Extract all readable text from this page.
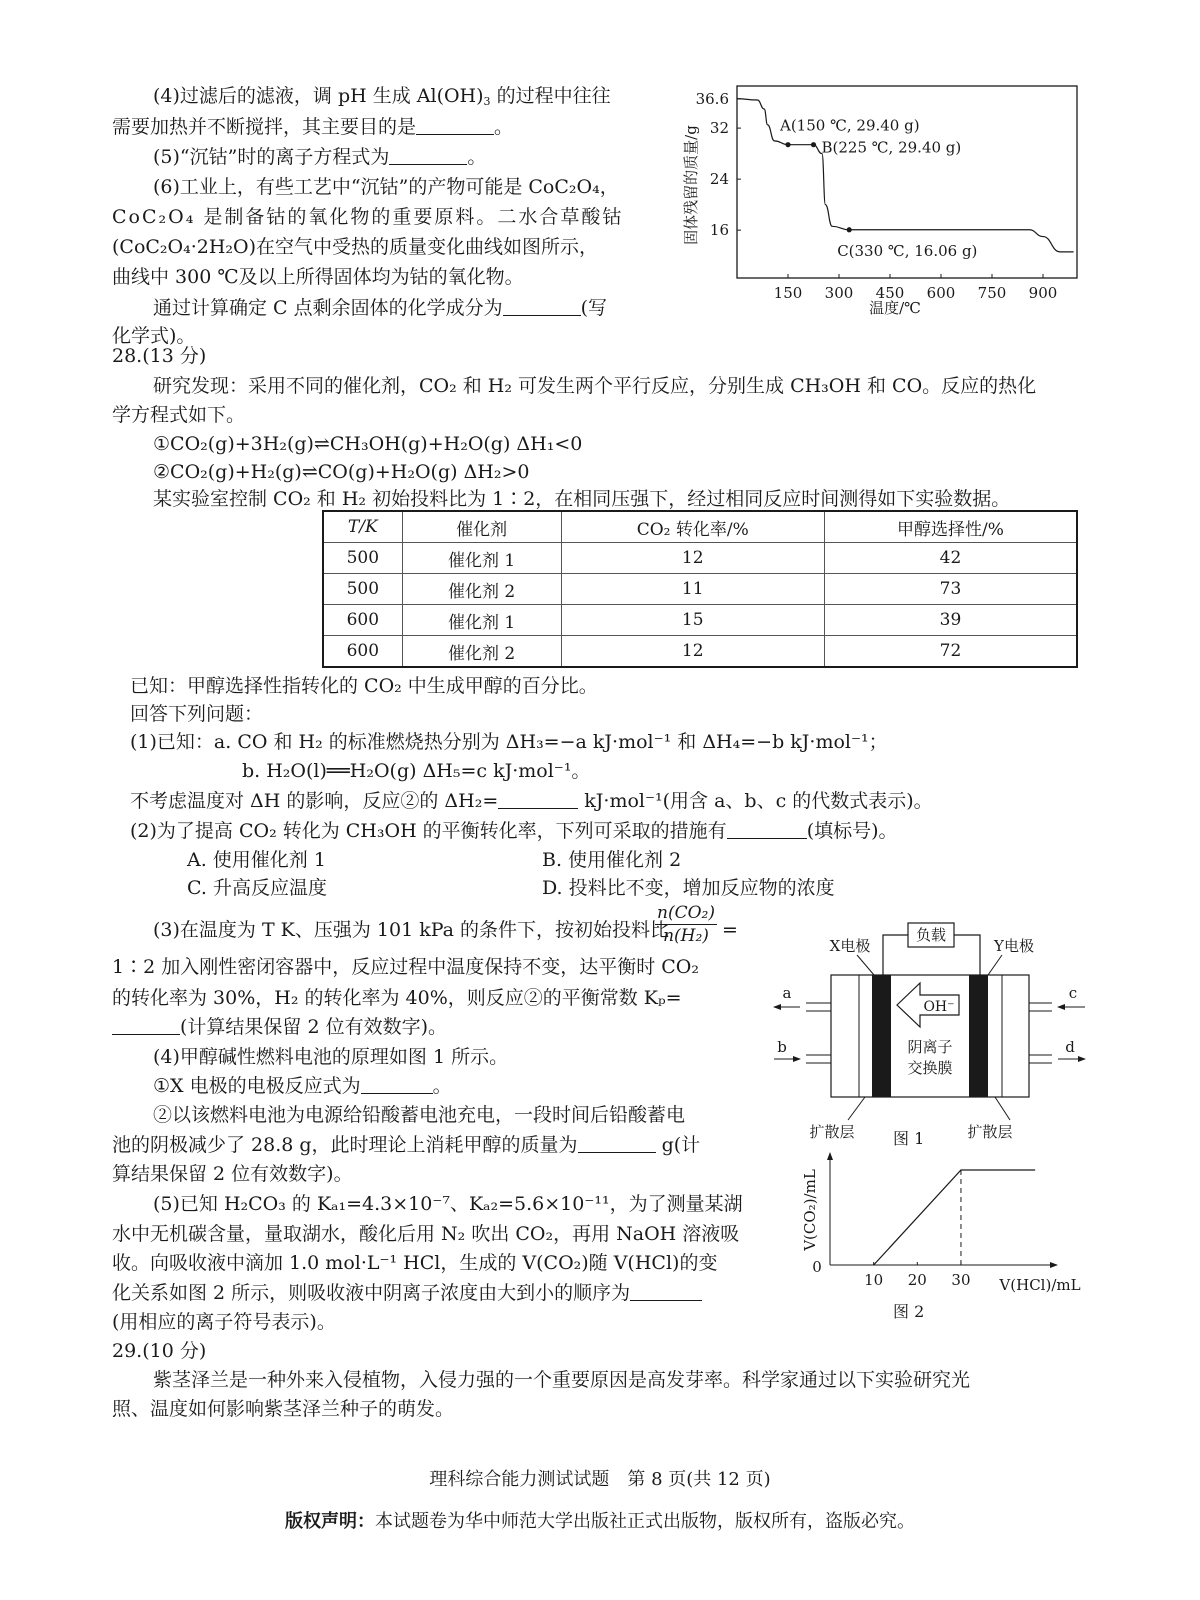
(4)过滤后的滤液，调 pH 生成 $Al(OH)_3$ 的过程中往往
需要加热并不断搅拌，其主要目的是	。
(5)“沉钴”时的离子方程式为	。
(6)工业上，有些工艺中“沉钴”的产物可能是 CoC₂O₄，
CoC₂O₄ 是制备钴的氧化物的重要原料。二水合草酸钴
(CoC₂O₄·2H₂O)在空气中受热的质量变化曲线如图所示，
曲线中 300 ℃及以上所得固体均为钴的氧化物。
通过计算确定 C 点剩余固体的化学成分为	(写
化学式)。
16
24
32
36.6
150 300 450 600 750 900
A(150 ℃, 29.40 g)
B(225 ℃, 29.40 g)
C(330 ℃, 16.06 g)
温度/℃
固体残留的质量/g
28.(13 分)
研究发现：采用不同的催化剂，CO₂ 和 H₂ 可发生两个平行反应，分别生成 CH₃OH 和 CO。反应的热化
学方程式如下。
①CO₂(g)+3H₂(g)⇌CH₃OH(g)+H₂O(g) ΔH₁<0
②CO₂(g)+H₂(g)⇌CO(g)+H₂O(g) ΔH₂>0
某实验室控制 CO₂ 和 H₂ 初始投料比为 1∶2，在相同压强下，经过相同反应时间测得如下实验数据。
T/K	催化剂	CO₂ 转化率/%	甲醇选择性/%
500	催化剂 1	12	42
500	催化剂 2	11	73
600	催化剂 1	15	39
600	催化剂 2	12	72
已知：甲醇选择性指转化的 CO₂ 中生成甲醇的百分比。
回答下列问题：
(1)已知：a. CO 和 H₂ 的标准燃烧热分别为 ΔH₃=−a kJ·mol⁻¹ 和 ΔH₄=−b kJ·mol⁻¹；
b. H₂O(l)══H₂O(g) ΔH₅=c kJ·mol⁻¹。
不考虑温度对 ΔH 的影响，反应②的 ΔH₂=	kJ·mol⁻¹(用含 a、b、c 的代数式表示)。
(2)为了提高 CO₂ 转化为 CH₃OH 的平衡转化率，下列可采取的措施有	(填标号)。
A. 使用催化剂 1	B. 使用催化剂 2
C. 升高反应温度	D. 投料比不变，增加反应物的浓度
(3)在温度为 T K、压强为 101 kPa 的条件下，按初始投料比
$\frac{\text{n(CO₂)}}{\text{n(H₂)}}$ =
1∶2 加入刚性密闭容器中，反应过程中温度保持不变，达平衡时 CO₂
的转化率为 30%，H₂ 的转化率为 40%，则反应②的平衡常数 Kₚ=
(计算结果保留 2 位有效数字)。
(4)甲醇碱性燃料电池的原理如图 1 所示。
①X 电极的电极反应式为	。
②以该燃料电池为电源给铅酸蓄电池充电，一段时间后铅酸蓄电
池的阴极减少了 28.8 g，此时理论上消耗甲醇的质量为	g(计
算结果保留 2 位有效数字)。
(5)已知 H₂CO₃ 的 Kₐ₁=4.3×10⁻⁷、Kₐ₂=5.6×10⁻¹¹，为了测量某湖
水中无机碳含量，量取湖水，酸化后用 N₂ 吹出 CO₂，再用 NaOH 溶液吸
收。向吸收液中滴加 1.0 mol·L⁻¹ HCl，生成的 V(CO₂)随 V(HCl)的变
化关系如图 2 所示，则吸收液中阴离子浓度由大到小的顺序为
(用相应的离子符号表示)。
负载
X电极	Y电极
a
b
c
d
OH⁻
阴离子
交换膜
扩散层	扩散层
图 1
0
10 20 30 V(HCl)/mL
V(CO₂)/mL
图 2
29.(10 分)
紫茎泽兰是一种外来入侵植物，入侵力强的一个重要原因是高发芽率。科学家通过以下实验研究光
照、温度如何影响紫茎泽兰种子的萌发。
理科综合能力测试试题　第 8 页(共 12 页)
版权声明：本试题卷为华中师范大学出版社正式出版物，版权所有，盗版必究。
